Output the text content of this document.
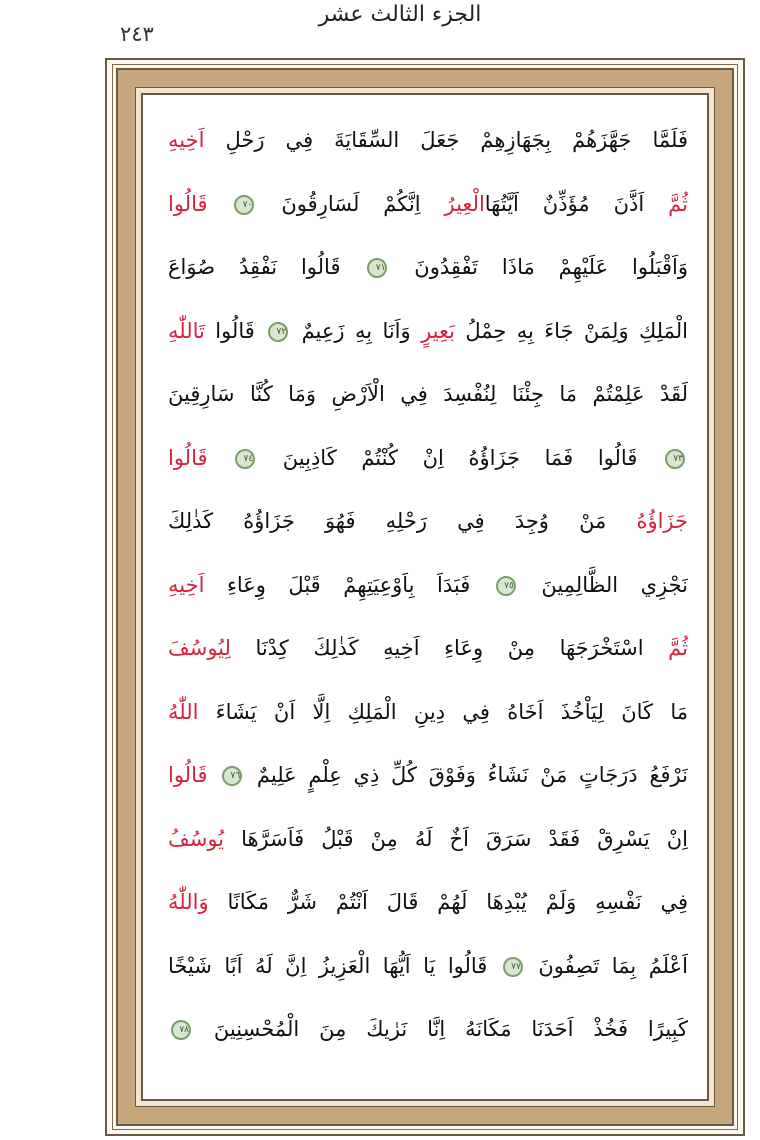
الجزء الثالث عشر
٢٤٣
فَلَمَّا جَهَّزَهُمْ بِجَهَازِهِمْ جَعَلَ السِّقَايَةَ فِي رَحْلِ اَخِيهِ
ثُمَّ اَذَّنَ مُؤَذِّنٌ اَيَّتُهَاالْعِيرُ اِنَّكُمْ لَسَارِقُونَ ٧٠ قَالُوا
وَاَقْبَلُوا عَلَيْهِمْ مَاذَا تَفْقِدُونَ ٧١ قَالُوا نَفْقِدُ صُوَاعَ
الْمَلِكِ وَلِمَنْ جَاءَ بِهِ حِمْلُ بَعِيرٍ وَاَنَا بِهِ زَعِيمٌ ٧٢ قَالُوا تَاللّٰهِ
لَقَدْ عَلِمْتُمْ مَا جِئْنَا لِنُفْسِدَ فِي الْاَرْضِ وَمَا كُنَّا سَارِقِينَ
٧٣ قَالُوا فَمَا جَزَاؤُهُ اِنْ كُنْتُمْ كَاذِبِينَ ٧٤ قَالُوا
جَزَاؤُهُ مَنْ وُجِدَ فِي رَحْلِهِ فَهُوَ جَزَاؤُهُ كَذٰلِكَ
نَجْزِي الظَّالِمِينَ ٧٥ فَبَدَاَ بِاَوْعِيَتِهِمْ قَبْلَ وِعَاءِ اَخِيهِ
ثُمَّ اسْتَخْرَجَهَا مِنْ وِعَاءِ اَخِيهِ كَذٰلِكَ كِدْنَا لِيُوسُفَ
مَا كَانَ لِيَاْخُذَ اَخَاهُ فِي دِينِ الْمَلِكِ اِلَّا اَنْ يَشَاءَ اللّٰهُ
نَرْفَعُ دَرَجَاتٍ مَنْ نَشَاءُ وَفَوْقَ كُلِّ ذِي عِلْمٍ عَلِيمٌ ٧٦ قَالُوا
اِنْ يَسْرِقْ فَقَدْ سَرَقَ اَخٌ لَهُ مِنْ قَبْلُ فَاَسَرَّهَا يُوسُفُ
فِي نَفْسِهِ وَلَمْ يُبْدِهَا لَهُمْ قَالَ اَنْتُمْ شَرٌّ مَكَانًا وَاللّٰهُ
اَعْلَمُ بِمَا تَصِفُونَ ٧٧ قَالُوا يَا اَيُّهَا الْعَزِيزُ اِنَّ لَهُ اَبًا شَيْخًا
كَبِيرًا فَخُذْ اَحَدَنَا مَكَانَهُ اِنَّا نَرٰيكَ مِنَ الْمُحْسِنِينَ ٧٨
